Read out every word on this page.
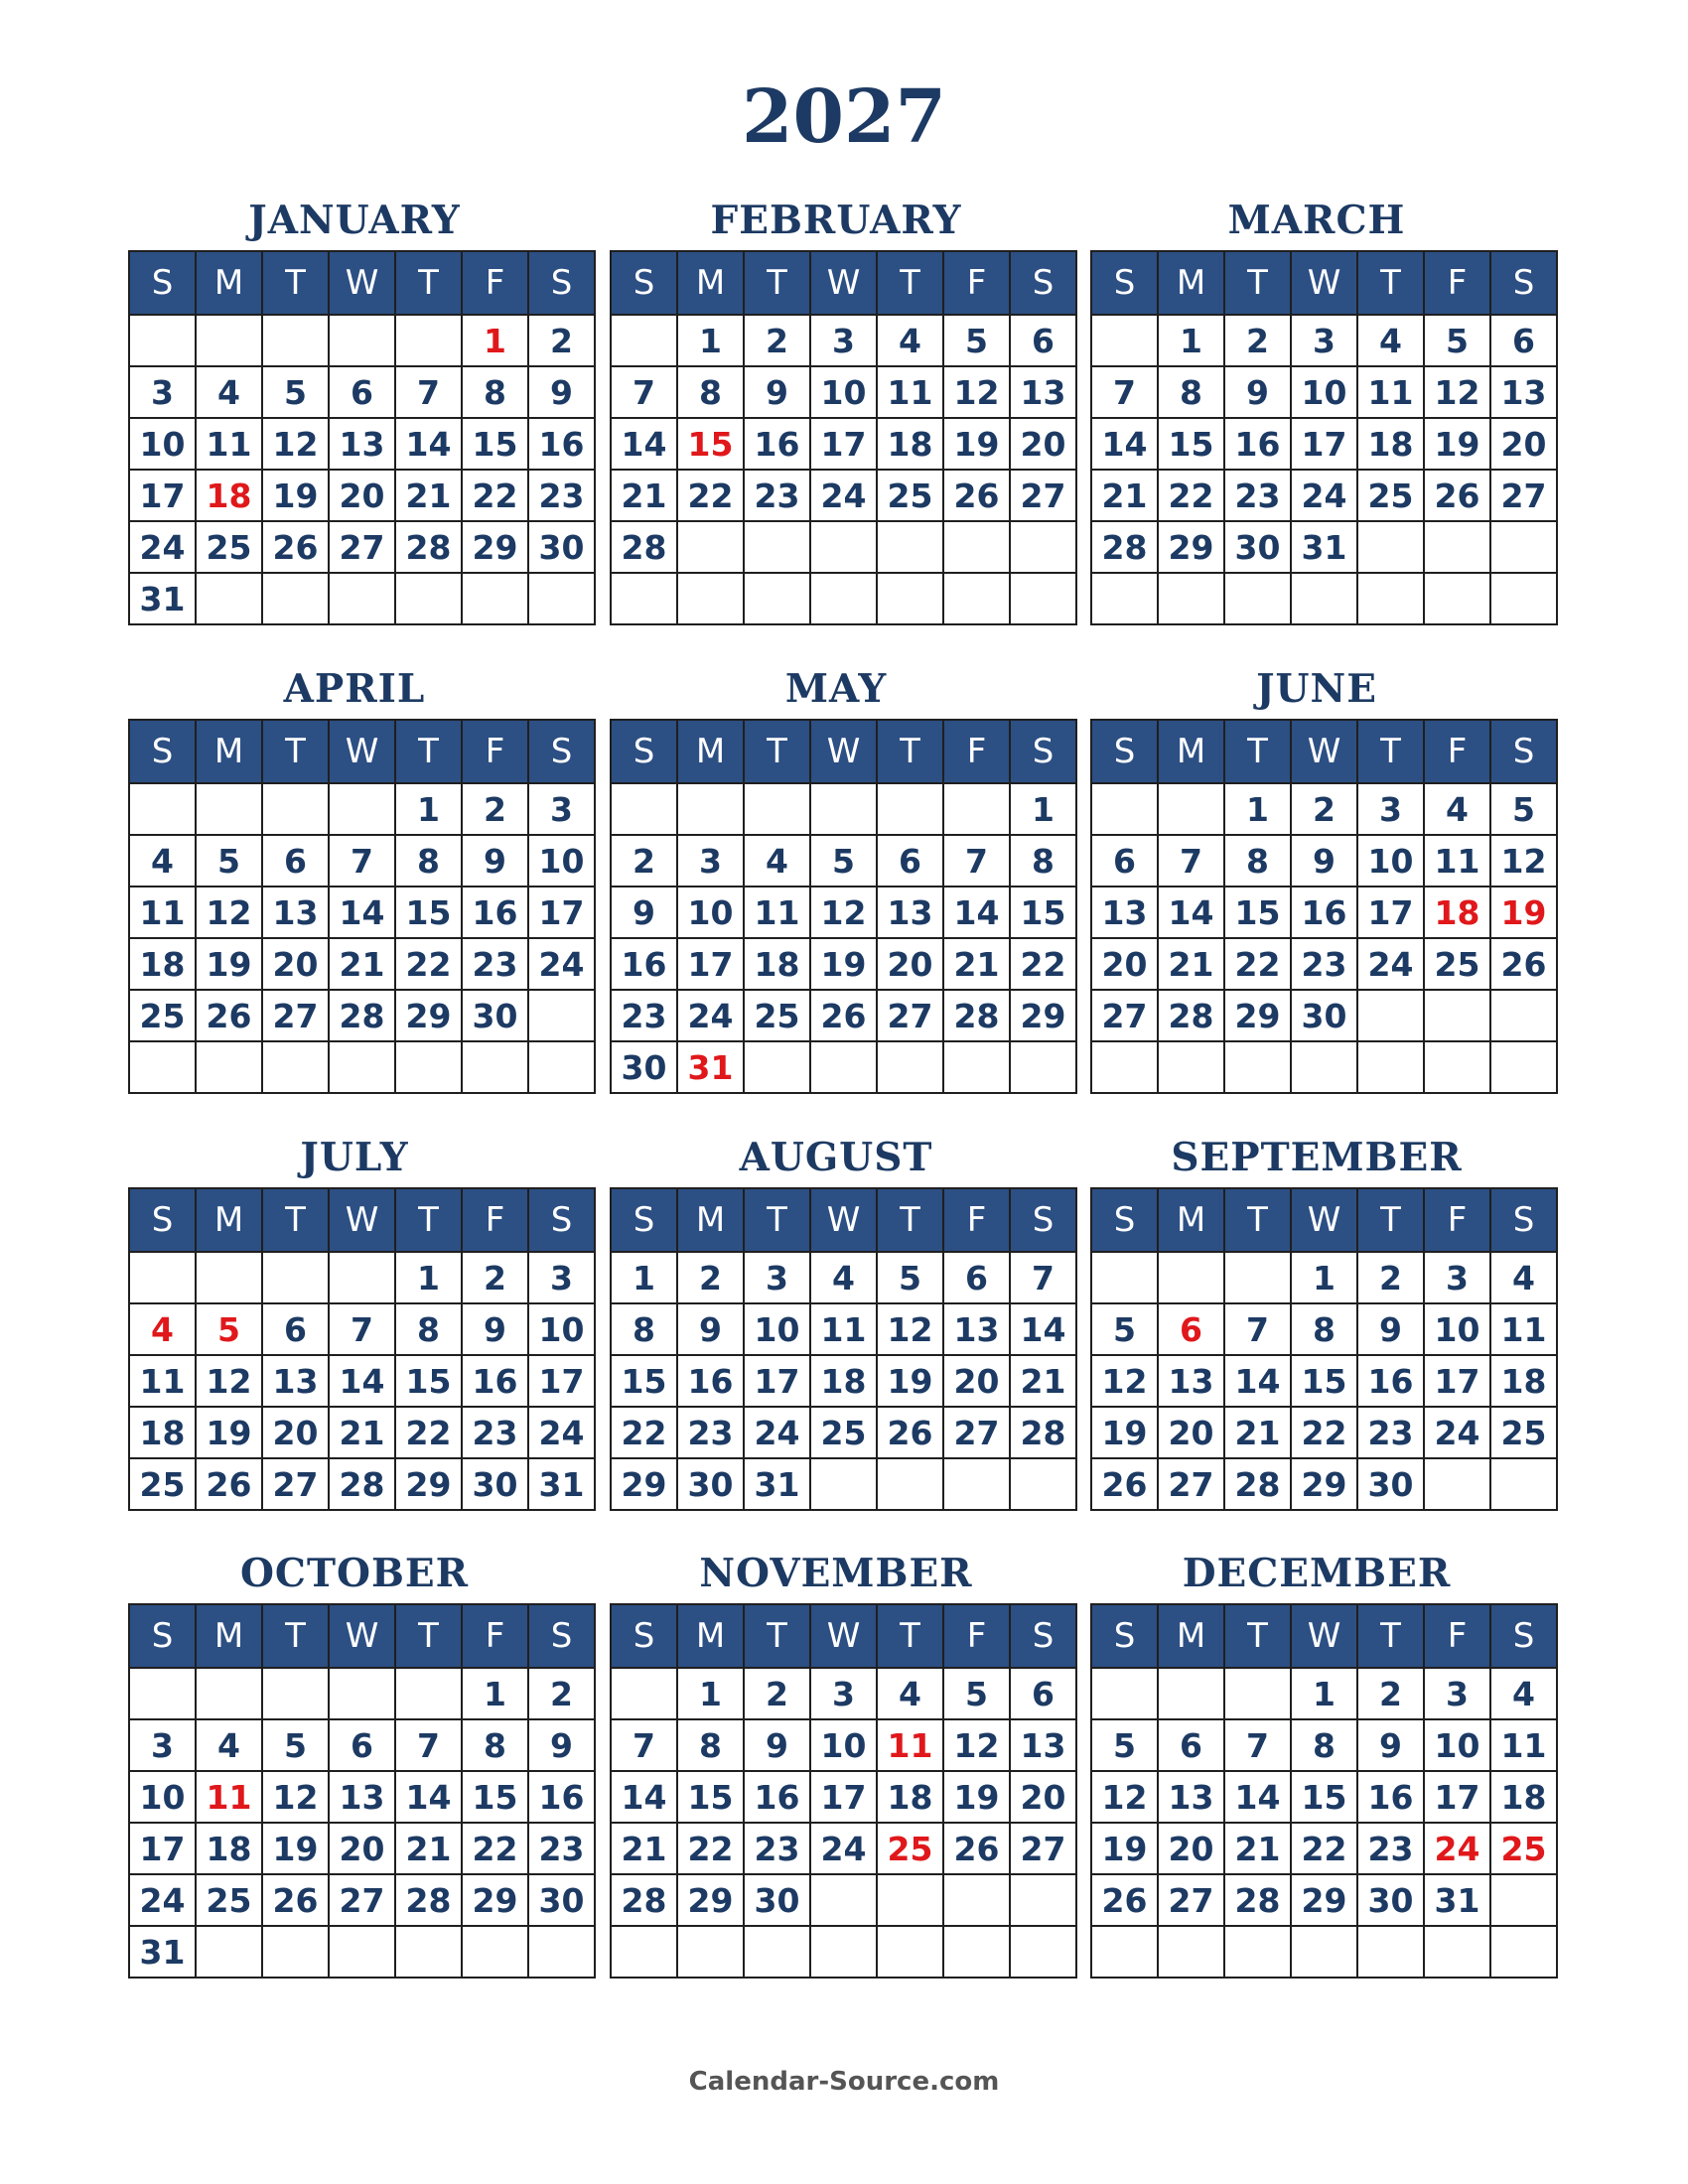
2027
JANUARY
S	M	T	W	T	F	S
					1	2
3	4	5	6	7	8	9
10	11	12	13	14	15	16
17	18	19	20	21	22	23
24	25	26	27	28	29	30
31						
FEBRUARY
S	M	T	W	T	F	S
	1	2	3	4	5	6
7	8	9	10	11	12	13
14	15	16	17	18	19	20
21	22	23	24	25	26	27
28						

MARCH
S	M	T	W	T	F	S
	1	2	3	4	5	6
7	8	9	10	11	12	13
14	15	16	17	18	19	20
21	22	23	24	25	26	27
28	29	30	31			

APRIL
S	M	T	W	T	F	S
				1	2	3
4	5	6	7	8	9	10
11	12	13	14	15	16	17
18	19	20	21	22	23	24
25	26	27	28	29	30	

MAY
S	M	T	W	T	F	S
						1
2	3	4	5	6	7	8
9	10	11	12	13	14	15
16	17	18	19	20	21	22
23	24	25	26	27	28	29
30	31					
JUNE
S	M	T	W	T	F	S
		1	2	3	4	5
6	7	8	9	10	11	12
13	14	15	16	17	18	19
20	21	22	23	24	25	26
27	28	29	30			

JULY
S	M	T	W	T	F	S
				1	2	3
4	5	6	7	8	9	10
11	12	13	14	15	16	17
18	19	20	21	22	23	24
25	26	27	28	29	30	31
AUGUST
S	M	T	W	T	F	S
1	2	3	4	5	6	7
8	9	10	11	12	13	14
15	16	17	18	19	20	21
22	23	24	25	26	27	28
29	30	31				
SEPTEMBER
S	M	T	W	T	F	S
			1	2	3	4
5	6	7	8	9	10	11
12	13	14	15	16	17	18
19	20	21	22	23	24	25
26	27	28	29	30		
OCTOBER
S	M	T	W	T	F	S
					1	2
3	4	5	6	7	8	9
10	11	12	13	14	15	16
17	18	19	20	21	22	23
24	25	26	27	28	29	30
31						
NOVEMBER
S	M	T	W	T	F	S
	1	2	3	4	5	6
7	8	9	10	11	12	13
14	15	16	17	18	19	20
21	22	23	24	25	26	27
28	29	30				

DECEMBER
S	M	T	W	T	F	S
			1	2	3	4
5	6	7	8	9	10	11
12	13	14	15	16	17	18
19	20	21	22	23	24	25
26	27	28	29	30	31	

Calendar-Source.com
